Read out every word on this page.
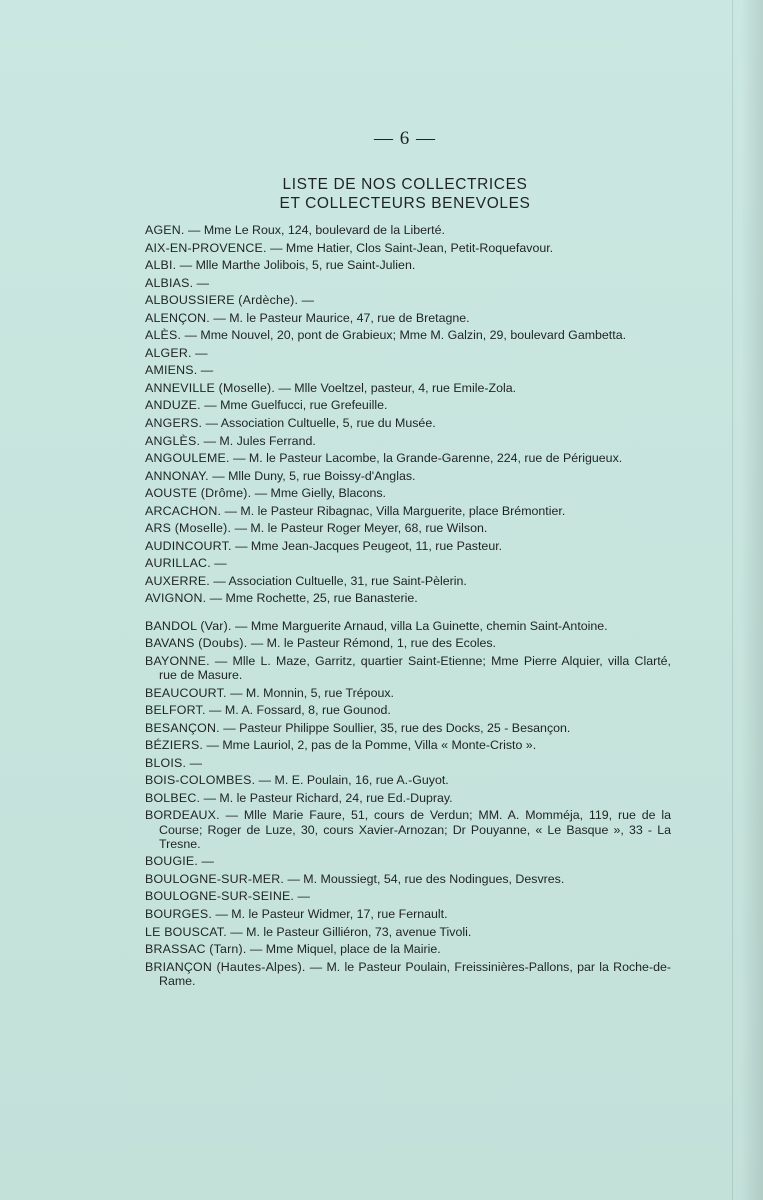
— 6 —
LISTE DE NOS COLLECTRICES
ET COLLECTEURS BENEVOLES
AGEN. — Mme Le Roux, 124, boulevard de la Liberté.
AIX-EN-PROVENCE. — Mme Hatier, Clos Saint-Jean, Petit-Roquefavour.
ALBI. — Mlle Marthe Jolibois, 5, rue Saint-Julien.
ALBIAS. —
ALBOUSSIERE (Ardèche). —
ALENÇON. — M. le Pasteur Maurice, 47, rue de Bretagne.
ALÈS. — Mme Nouvel, 20, pont de Grabieux; Mme M. Galzin, 29, boulevard Gambetta.
ALGER. —
AMIENS. —
ANNEVILLE (Moselle). — Mlle Voeltzel, pasteur, 4, rue Emile-Zola.
ANDUZE. — Mme Guelfucci, rue Grefeuille.
ANGERS. — Association Cultuelle, 5, rue du Musée.
ANGLÈS. — M. Jules Ferrand.
ANGOULEME. — M. le Pasteur Lacombe, la Grande-Garenne, 224, rue de Périgueux.
ANNONAY. — Mlle Duny, 5, rue Boissy-d'Anglas.
AOUSTE (Drôme). — Mme Gielly, Blacons.
ARCACHON. — M. le Pasteur Ribagnac, Villa Marguerite, place Brémontier.
ARS (Moselle). — M. le Pasteur Roger Meyer, 68, rue Wilson.
AUDINCOURT. — Mme Jean-Jacques Peugeot, 11, rue Pasteur.
AURILLAC. —
AUXERRE. — Association Cultuelle, 31, rue Saint-Pèlerin.
AVIGNON. — Mme Rochette, 25, rue Banasterie.
BANDOL (Var). — Mme Marguerite Arnaud, villa La Guinette, chemin Saint-Antoine.
BAVANS (Doubs). — M. le Pasteur Rémond, 1, rue des Ecoles.
BAYONNE. — Mlle L. Maze, Garritz, quartier Saint-Etienne; Mme Pierre Alquier, villa Clarté, rue de Masure.
BEAUCOURT. — M. Monnin, 5, rue Trépoux.
BELFORT. — M. A. Fossard, 8, rue Gounod.
BESANÇON. — Pasteur Philippe Soullier, 35, rue des Docks, 25 - Besançon.
BÉZIERS. — Mme Lauriol, 2, pas de la Pomme, Villa « Monte-Cristo ».
BLOIS. —
BOIS-COLOMBES. — M. E. Poulain, 16, rue A.-Guyot.
BOLBEC. — M. le Pasteur Richard, 24, rue Ed.-Dupray.
BORDEAUX. — Mlle Marie Faure, 51, cours de Verdun; MM. A. Momméja, 119, rue de la Course; Roger de Luze, 30, cours Xavier-Arnozan; Dr Pouyanne, « Le Basque », 33 - La Tresne.
BOUGIE. —
BOULOGNE-SUR-MER. — M. Moussiegt, 54, rue des Nodingues, Desvres.
BOULOGNE-SUR-SEINE. —
BOURGES. — M. le Pasteur Widmer, 17, rue Fernault.
LE BOUSCAT. — M. le Pasteur Gilliéron, 73, avenue Tivoli.
BRASSAC (Tarn). — Mme Miquel, place de la Mairie.
BRIANÇON (Hautes-Alpes). — M. le Pasteur Poulain, Freissinières-Pallons, par la Roche-de-Rame.
